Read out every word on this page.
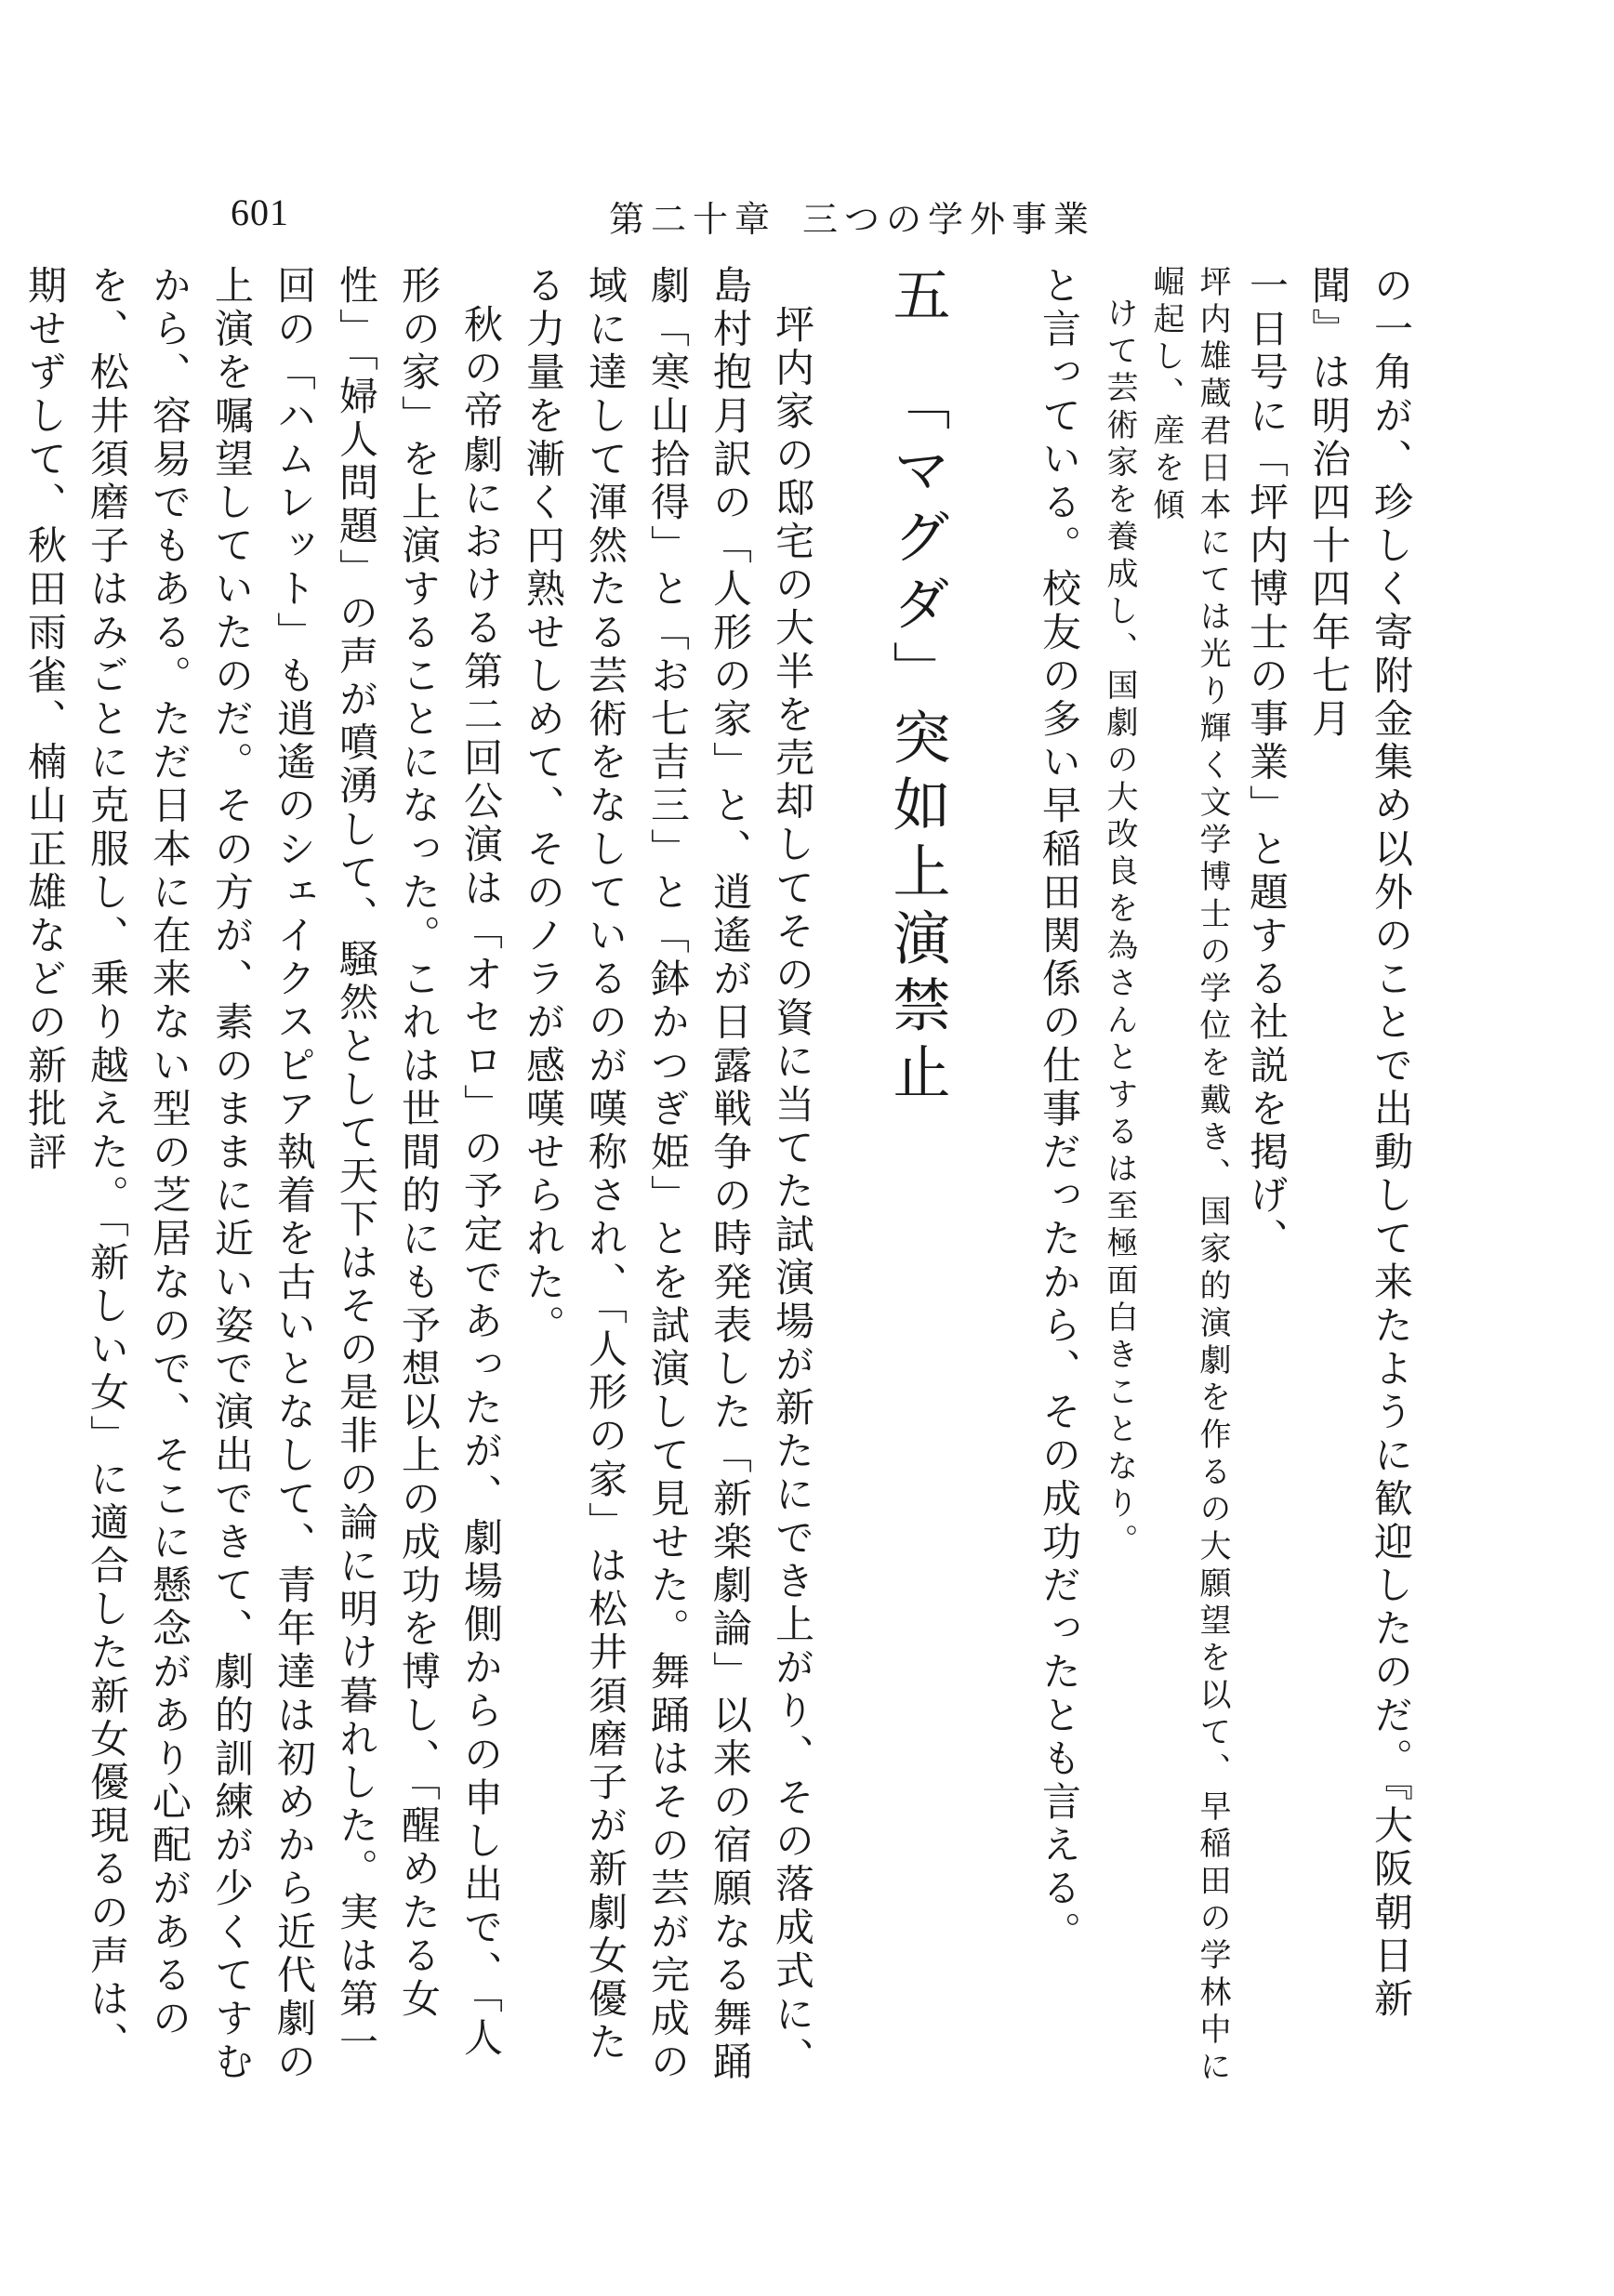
601	第二十章 三つの学外事業

の一角が、珍しく寄附金集め以外のことで出動して来たように歓迎したのだ。『大阪朝日新聞』は明治四十四年七月
一日号に「坪内博士の事業」と題する社説を掲げ、

坪内雄蔵君日本にては光り輝く文学博士の学位を戴き、国家的演劇を作るの大願望を以て、早稲田の学林中に崛起し、産を傾
けて芸術家を養成し、国劇の大改良を為さんとするは至極面白きことなり。

と言っている。校友の多い早稲田関係の仕事だったから、その成功だったとも言える。

五「マグダ」突如上演禁止

坪内家の邸宅の大半を売却してその資に当てた試演場が新たにでき上がり、その落成式に、島村抱月訳の「人形の家」と、逍遙が日露戦争の時発表した「新楽劇論」以来の宿願なる舞踊劇「寒山拾得」と「お七吉三」と「鉢かつぎ姫」とを試演して見せた。舞踊はその芸が完成の域に達して渾然たる芸術をなしているのが嘆称され、「人形の家」は松井須磨子が新劇女優たる力量を漸く円熟せしめて、そのノラが感嘆せられた。

秋の帝劇における第二回公演は「オセロ」の予定であったが、劇場側からの申し出で、「人形の家」を上演することになった。これは世間的にも予想以上の成功を博し、「醒めたる女性」「婦人問題」の声が噴湧して、騒然として天下はその是非の論に明け暮れした。実は第一回の「ハムレット」も逍遙のシェイクスピア執着を古いとなして、青年達は初めから近代劇の上演を嘱望していたのだ。その方が、素のままに近い姿で演出できて、劇的訓練が少くてすむから、容易でもある。ただ日本に在来ない型の芝居なので、そこに懸念があり心配があるのを、松井須磨子はみごとに克服し、乗り越えた。「新しい女」に適合した新女優現るの声は、期せずして、秋田雨雀、楠山正雄などの新批評
